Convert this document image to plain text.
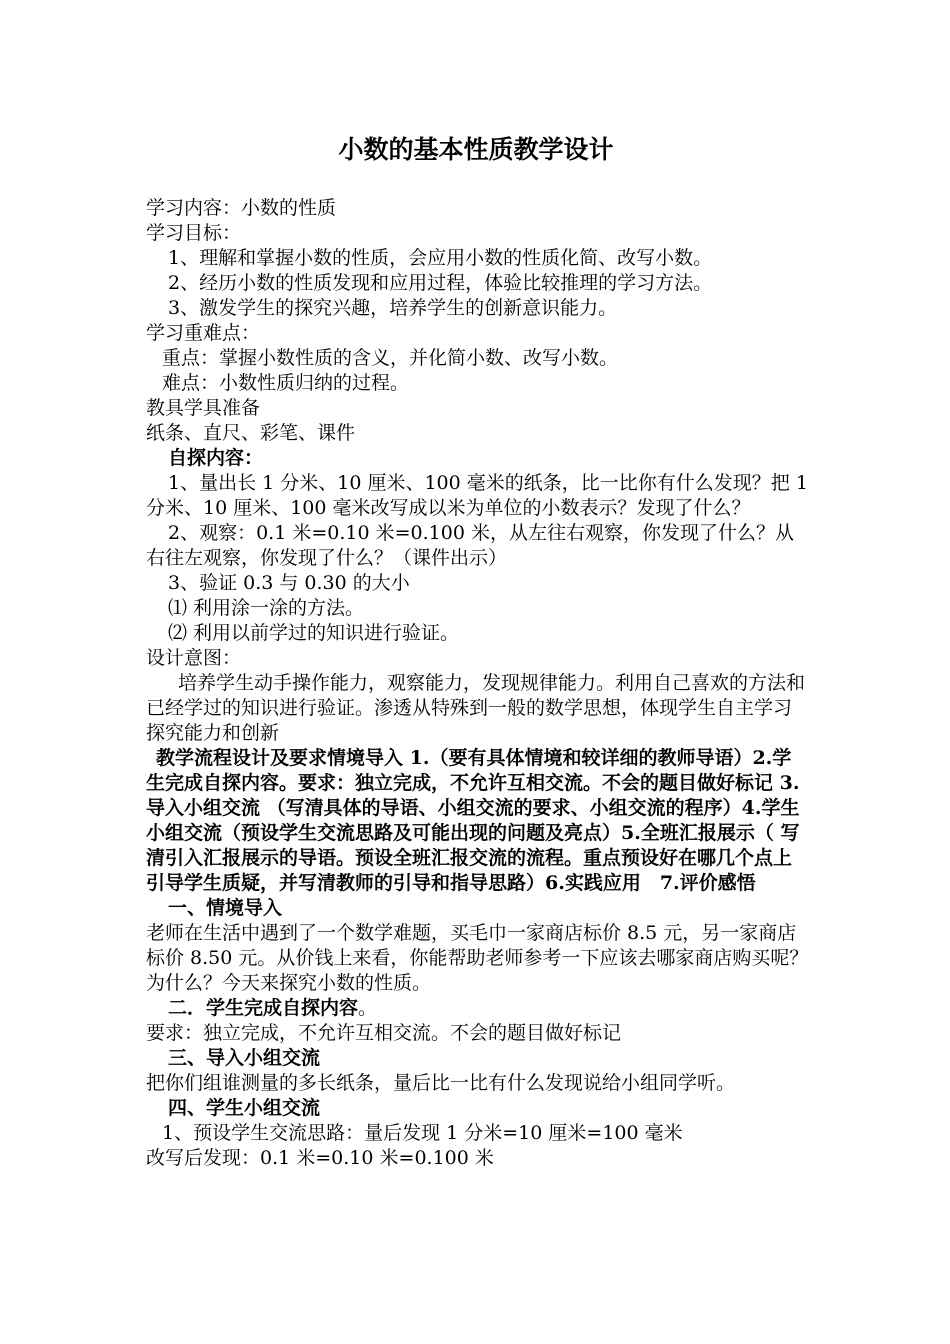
小数的基本性质教学设计
学习内容：小数的性质
学习目标：
1、理解和掌握小数的性质，会应用小数的性质化简、改写小数。
2、经历小数的性质发现和应用过程，体验比较推理的学习方法。
3、激发学生的探究兴趣，培养学生的创新意识能力。
学习重难点：
重点：掌握小数性质的含义，并化简小数、改写小数。
难点：小数性质归纳的过程。
教具学具准备
纸条、直尺、彩笔、课件
自探内容：
1、量出长 1 分米、10 厘米、100 毫米的纸条，比一比你有什么发现？把 1 分米、10 厘米、100 毫米改写成以米为单位的小数表示？发现了什么？
2、观察：0.1 米=0.10 米=0.100 米，从左往右观察，你发现了什么？从右往左观察，你发现了什么？（课件出示）
3、验证 0.3 与 0.30 的大小
⑴ 利用涂一涂的方法。
⑵ 利用以前学过的知识进行验证。
设计意图：
培养学生动手操作能力，观察能力，发现规律能力。利用自己喜欢的方法和已经学过的知识进行验证。渗透从特殊到一般的数学思想，体现学生自主学习探究能力和创新
教学流程设计及要求情境导入 1.（要有具体情境和较详细的教师导语）2.学生完成自探内容。要求：独立完成，不允许互相交流。不会的题目做好标记 3.导入小组交流 （写清具体的导语、小组交流的要求、小组交流的程序）4.学生小组交流（预设学生交流思路及可能出现的问题及亮点）5.全班汇报展示（ 写清引入汇报展示的导语。预设全班汇报交流的流程。重点预设好在哪几个点上引导学生质疑，并写清教师的引导和指导思路）6.实践应用　7.评价感悟
一、情境导入
老师在生活中遇到了一个数学难题，买毛巾一家商店标价 8.5 元，另一家商店标价 8.50 元。从价钱上来看，你能帮助老师参考一下应该去哪家商店购买呢？为什么？今天来探究小数的性质。
二．学生完成自探内容。
要求：独立完成，不允许互相交流。不会的题目做好标记
三、导入小组交流
把你们组谁测量的多长纸条，量后比一比有什么发现说给小组同学听。
四、学生小组交流
1、预设学生交流思路：量后发现 1 分米=10 厘米=100 毫米
改写后发现：0.1 米=0.10 米=0.100 米
